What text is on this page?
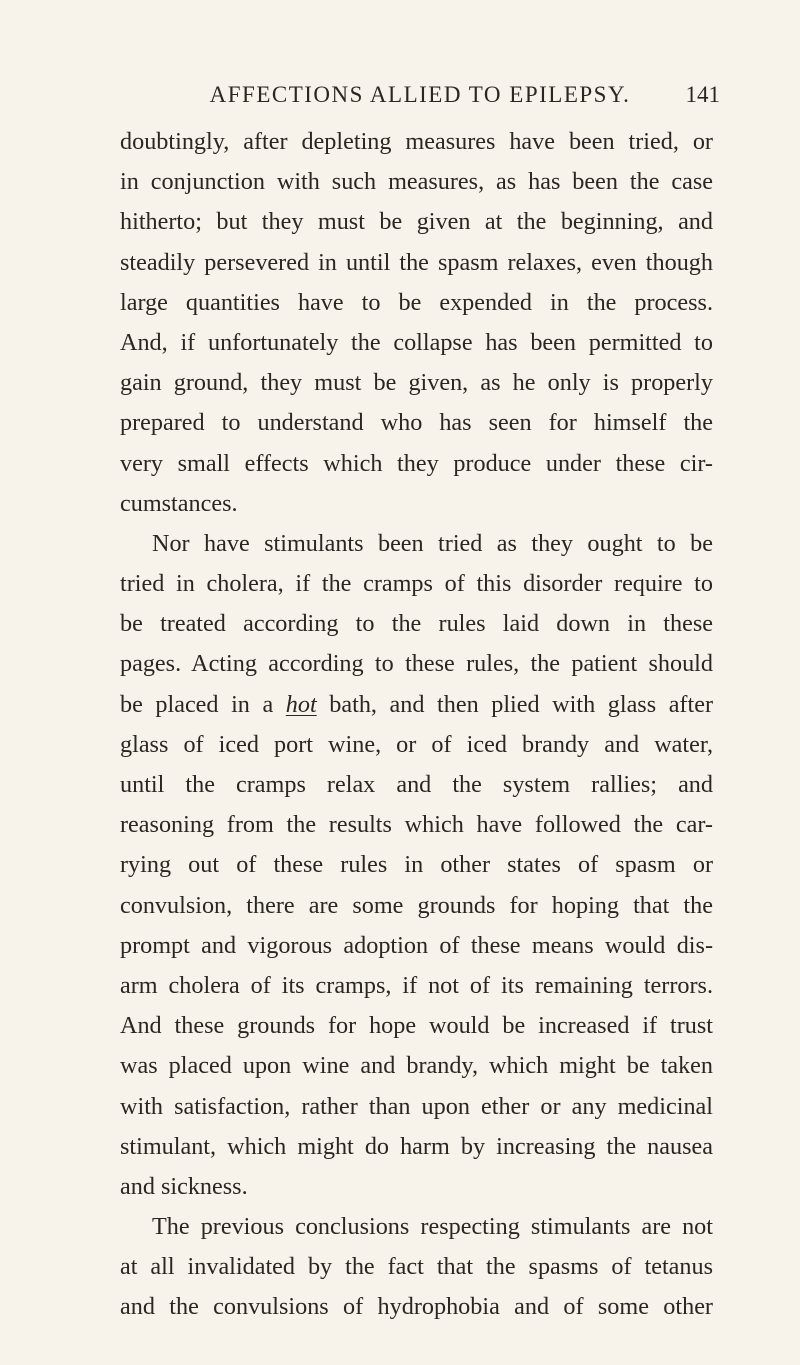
AFFECTIONS ALLIED TO EPILEPSY.	141

doubtingly, after depleting measures have been tried, or
in conjunction with such measures, as has been the case
hitherto; but they must be given at the beginning, and
steadily persevered in until the spasm relaxes, even though
large quantities have to be expended in the process.
And, if unfortunately the collapse has been permitted to
gain ground, they must be given, as he only is properly
prepared to understand who has seen for himself the
very small effects which they produce under these cir-
cumstances.
Nor have stimulants been tried as they ought to be
tried in cholera, if the cramps of this disorder require to
be treated according to the rules laid down in these
pages. Acting according to these rules, the patient should
be placed in a hot bath, and then plied with glass after
glass of iced port wine, or of iced brandy and water,
until the cramps relax and the system rallies; and
reasoning from the results which have followed the car-
rying out of these rules in other states of spasm or
convulsion, there are some grounds for hoping that the
prompt and vigorous adoption of these means would dis-
arm cholera of its cramps, if not of its remaining terrors.
And these grounds for hope would be increased if trust
was placed upon wine and brandy, which might be taken
with satisfaction, rather than upon ether or any medicinal
stimulant, which might do harm by increasing the nausea
and sickness.
The previous conclusions respecting stimulants are not
at all invalidated by the fact that the spasms of tetanus
and the convulsions of hydrophobia and of some other
